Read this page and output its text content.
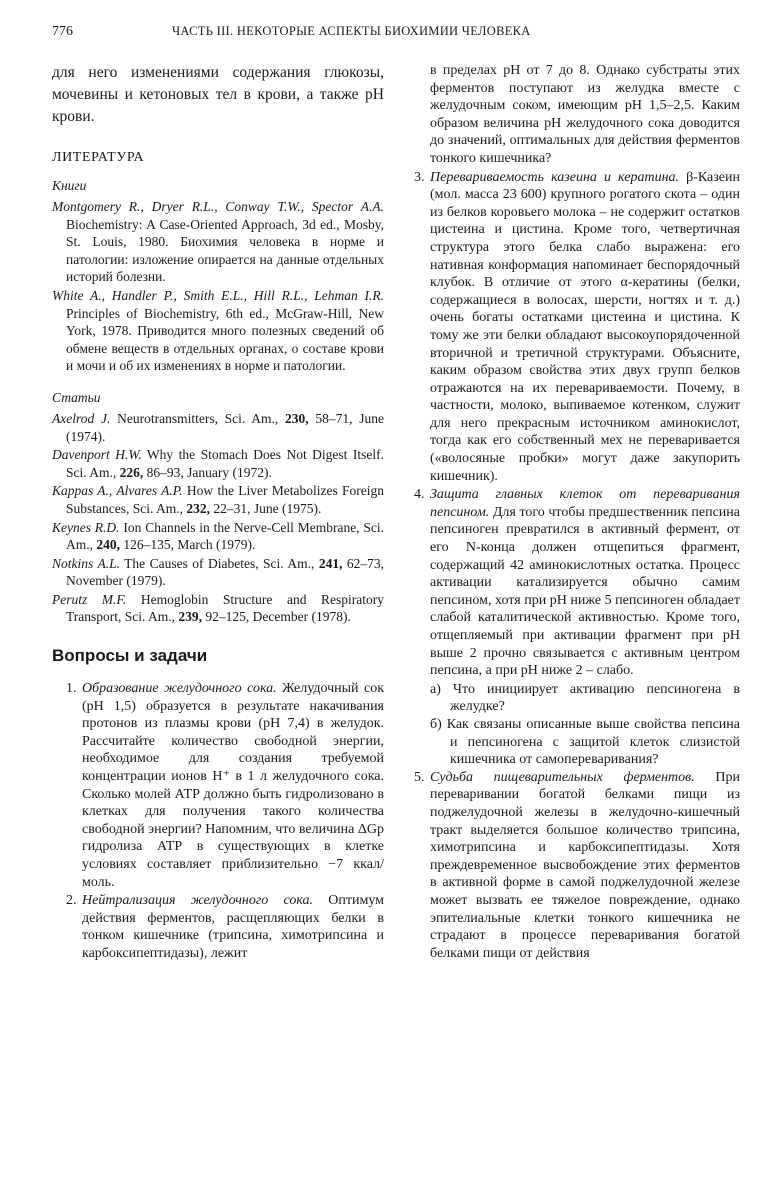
776	ЧАСТЬ III. НЕКОТОРЫЕ АСПЕКТЫ БИОХИМИИ ЧЕЛОВЕКА

для него изменениями содержания глюкозы, мочевины и кетоновых тел в крови, а также pH крови.

ЛИТЕРАТУРА
Книги

Montgomery R., Dryer R.L., Conway T.W., Spector A.A. Biochemistry: A Case-Oriented Approach, 3d ed., Mosby, St. Louis, 1980. Биохимия человека в норме и патологии: изложение опирается на данные отдельных историй болезни.

White A., Handler P., Smith E.L., Hill R.L., Lehman I.R. Principles of Biochemistry, 6th ed., McGraw-Hill, New York, 1978. Приводится много полезных сведений об обмене веществ в отдельных органах, о составе крови и мочи и об их изменениях в норме и патологии.

Статьи

Axelrod J. Neurotransmitters, Sci. Am., 230, 58–71, June (1974).

Davenport H.W. Why the Stomach Does Not Digest Itself. Sci. Am., 226, 86–93, January (1972).

Kappas A., Alvares A.P. How the Liver Metabolizes Foreign Substances, Sci. Am., 232, 22–31, June (1975).

Keynes R.D. Ion Channels in the Nerve-Cell Membrane, Sci. Am., 240, 126–135, March (1979).

Notkins A.L. The Causes of Diabetes, Sci. Am., 241, 62–73, November (1979).

Perutz M.F. Hemoglobin Structure and Respiratory Transport, Sci. Am., 239, 92–125, December (1978).

Вопросы и задачи
1. Образование желудочного сока. Желудочный сок (pH 1,5) образуется в результате накачивания протонов из плазмы крови (pH 7,4) в желудок. Рассчитайте количество свободной энергии, необходимое для создания требуемой концентрации ионов H⁺ в 1 л желудочного сока. Сколько молей АТР должно быть гидролизовано в клетках для получения такого количества свободной энергии? Напомним, что величина ΔGp гидролиза АТР в существующих в клетке условиях составляет приблизительно −7 ккал/моль.
2. Нейтрализация желудочного сока. Оптимум действия ферментов, расщепляющих белки в тонком кишечнике (трипсина, химотрипсина и карбоксипептидазы), лежит

в пределах pH от 7 до 8. Однако субстраты этих ферментов поступают из желудка вместе с желудочным соком, имеющим pH 1,5–2,5. Каким образом величина pH желудочного сока доводится до значений, оптимальных для действия ферментов тонкого кишечника?

3. Перевариваемость казеина и кератина. β-Казеин (мол. масса 23 600) крупного рогатого скота – один из белков коровьего молока – не содержит остатков цистеина и цистина. Кроме того, четвертичная структура этого белка слабо выражена: его нативная конформация напоминает беспорядочный клубок. В отличие от этого α-кератины (белки, содержащиеся в волосах, шерсти, ногтях и т. д.) очень богаты остатками цистеина и цистина. К тому же эти белки обладают высокоупорядоченной вторичной и третичной структурами. Объясните, каким образом свойства этих двух групп белков отражаются на их перевариваемости. Почему, в частности, молоко, выпиваемое котенком, служит для него прекрасным источником аминокислот, тогда как его собственный мех не переваривается («волосяные пробки» могут даже закупорить кишечник).
4. Защита главных клеток от переваривания пепсином. Для того чтобы предшественник пепсина пепсиноген превратился в активный фермент, от его N-конца должен отщепиться фрагмент, содержащий 42 аминокислотных остатка. Процесс активации катализируется обычно самим пепсином, хотя при pH ниже 5 пепсиноген обладает слабой каталитической активностью. Кроме того, отщепляемый при активации фрагмент при pH выше 2 прочно связывается с активным центром пепсина, а при pH ниже 2 – слабо.

а) Что инициирует активацию пепсиногена в желудке?

б) Как связаны описанные выше свойства пепсина и пепсиногена с защитой клеток слизистой кишечника от самопереваривания?

5. Судьба пищеварительных ферментов. При переваривании богатой белками пищи из поджелудочной железы в желудочно-кишечный тракт выделяется большое количество трипсина, химотрипсина и карбоксипептидазы. Хотя преждевременное высвобождение этих ферментов в активной форме в самой поджелудочной железе может вызвать ее тяжелое повреждение, однако эпителиальные клетки тонкого кишечника не страдают в процессе переваривания богатой белками пищи от действия
